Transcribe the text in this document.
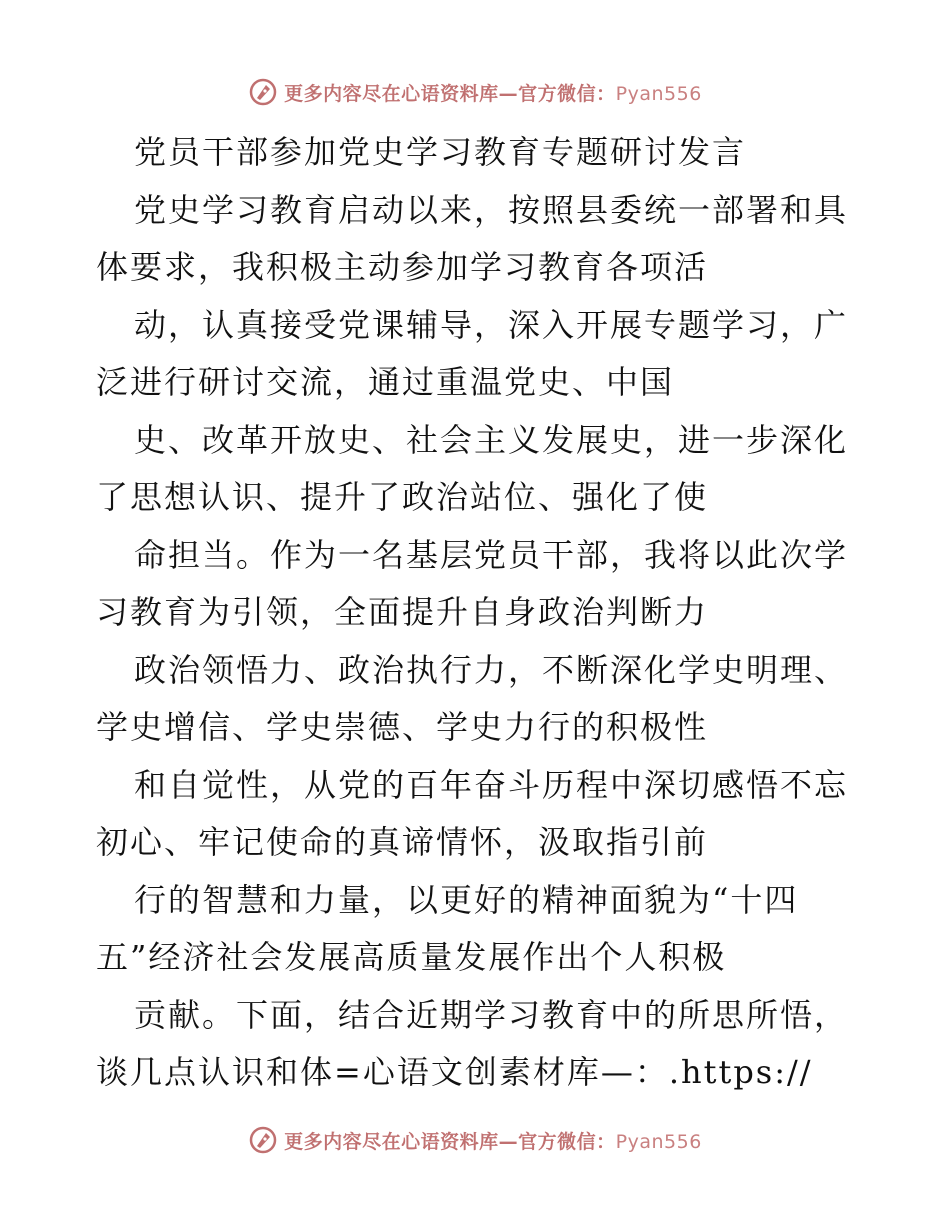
更多内容尽在心语资料库—官方微信：Pyan556
党员干部参加党史学习教育专题研讨发言
党史学习教育启动以来，按照县委统一部署和具
体要求，我积极主动参加学习教育各项活
动，认真接受党课辅导，深入开展专题学习，广
泛进行研讨交流，通过重温党史、中国
史、改革开放史、社会主义发展史，进一步深化
了思想认识、提升了政治站位、强化了使
命担当。作为一名基层党员干部，我将以此次学
习教育为引领，全面提升自身政治判断力
政治领悟力、政治执行力，不断深化学史明理、
学史增信、学史崇德、学史力行的积极性
和自觉性，从党的百年奋斗历程中深切感悟不忘
初心、牢记使命的真谛情怀，汲取指引前
行的智慧和力量，以更好的精神面貌为“十四
五”经济社会发展高质量发展作出个人积极
贡献。下面，结合近期学习教育中的所思所悟，
谈几点认识和体=心语文创素材库—：.https://
更多内容尽在心语资料库—官方微信：Pyan556
